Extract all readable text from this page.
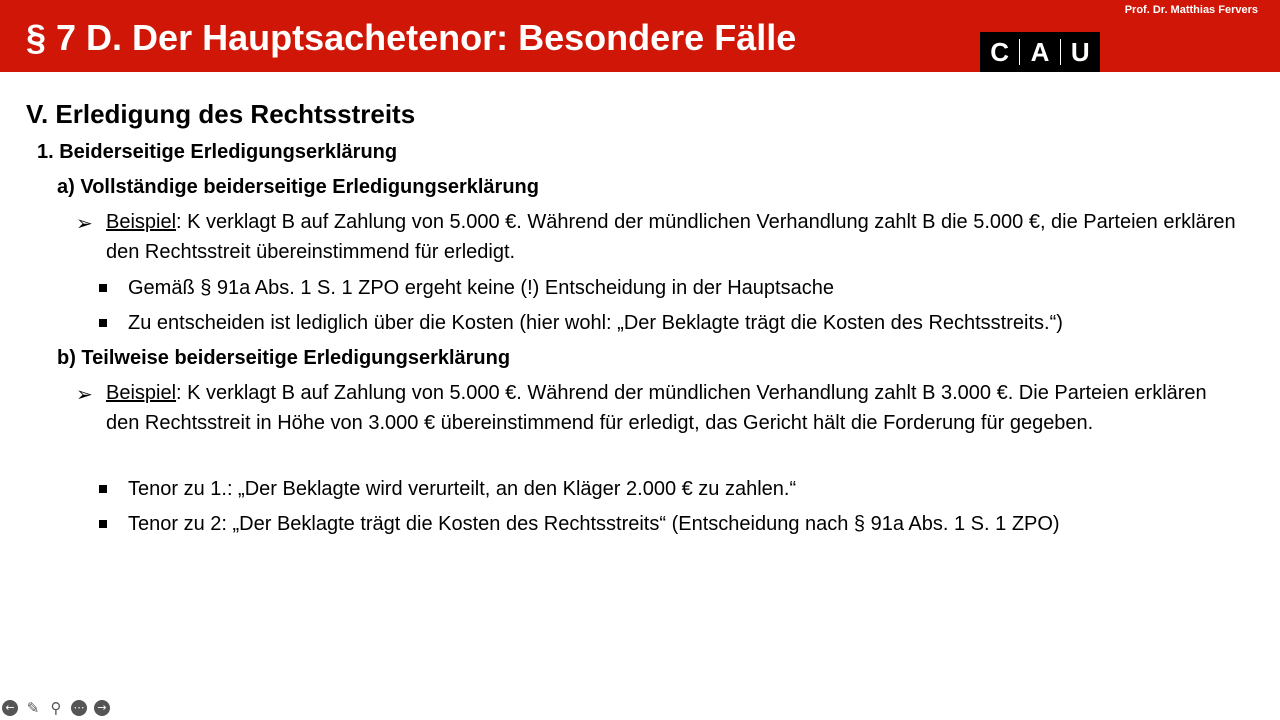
§ 7 D. Der Hauptsachetenor: Besondere Fälle
Prof. Dr. Matthias Fervers
C A U
V. Erledigung des Rechtsstreits
1. Beiderseitige Erledigungserklärung
a) Vollständige beiderseitige Erledigungserklärung
➢ Beispiel: K verklagt B auf Zahlung von 5.000 €. Während der mündlichen Verhandlung zahlt B die 5.000 €, die Parteien erklären den Rechtsstreit übereinstimmend für erledigt.
Gemäß § 91a Abs. 1 S. 1 ZPO ergeht keine (!) Entscheidung in der Hauptsache
Zu entscheiden ist lediglich über die Kosten (hier wohl: „Der Beklagte trägt die Kosten des Rechtsstreits.“)
b) Teilweise beiderseitige Erledigungserklärung
➢ Beispiel: K verklagt B auf Zahlung von 5.000 €. Während der mündlichen Verhandlung zahlt B 3.000 €. Die Parteien erklären den Rechtsstreit in Höhe von 3.000 € übereinstimmend für erledigt, das Gericht hält die Forderung für gegeben.
Tenor zu 1.: „Der Beklagte wird verurteilt, an den Kläger 2.000 € zu zahlen.“
Tenor zu 2: „Der Beklagte trägt die Kosten des Rechtsstreits“ (Entscheidung nach § 91a Abs. 1 S. 1 ZPO)
← ✎ ⚲ ⋯	→
